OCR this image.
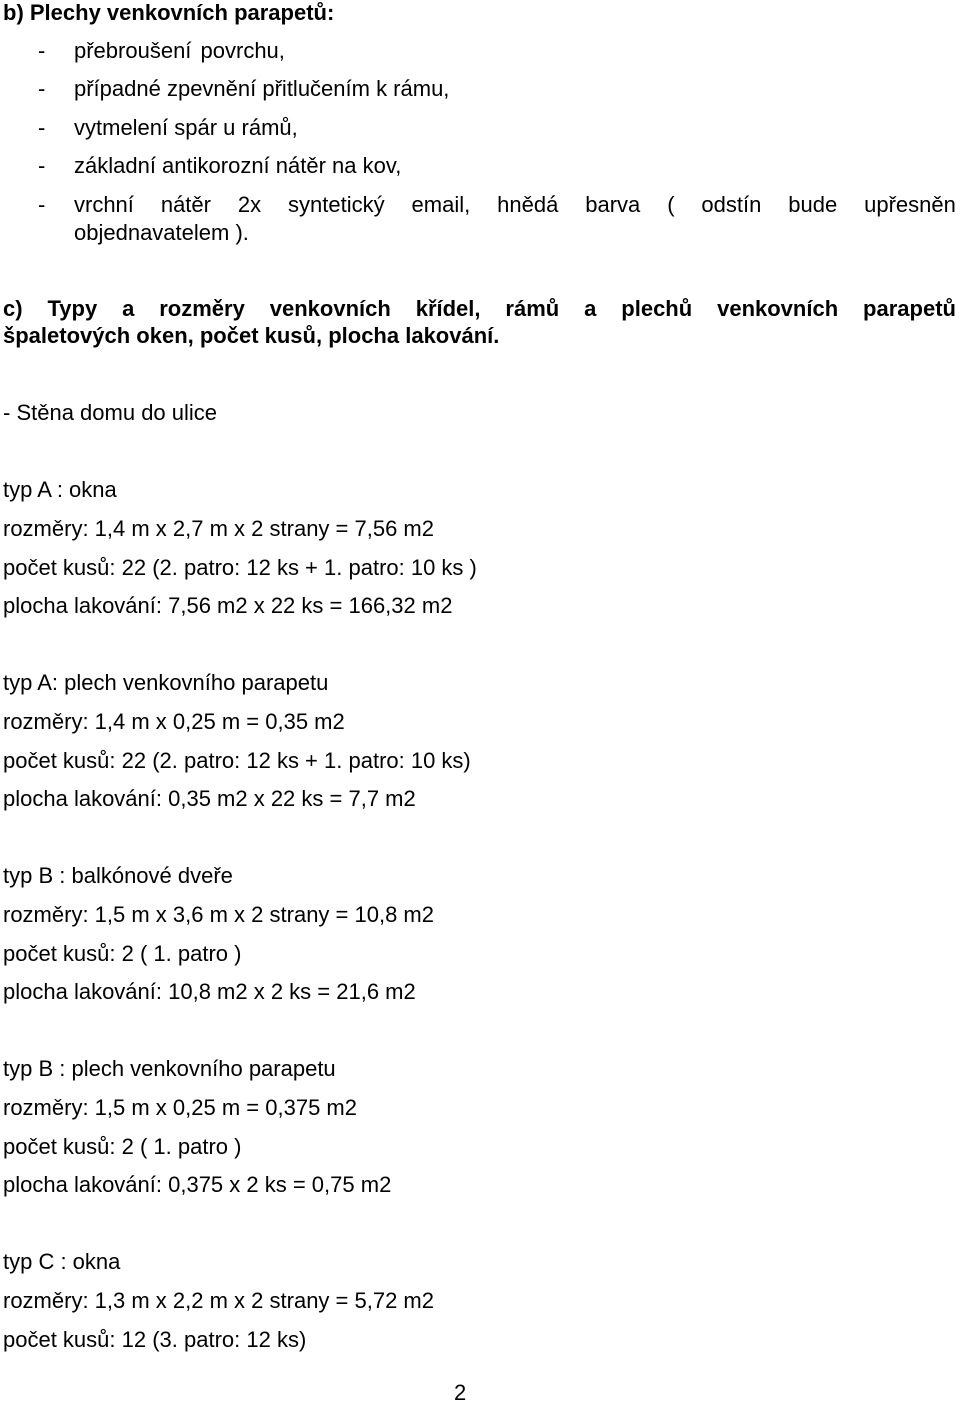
b) Plechy venkovních parapetů:
- přebroušení povrchu,
- případné zpevnění přitlučením k rámu,
- vytmelení spár u rámů,
- základní antikorozní nátěr na kov,
- vrchní nátěr 2x syntetický email, hnědá barva ( odstín bude upřesněn
objednavatelem ).
c) Typy a rozměry venkovních křídel, rámů a plechů venkovních parapetů
špaletových oken, počet kusů, plocha lakování.
- Stěna domu do ulice
typ A : okna
rozměry: 1,4 m x 2,7 m x 2 strany = 7,56 m2
počet kusů: 22 (2. patro: 12 ks + 1. patro: 10 ks )
plocha lakování: 7,56 m2 x 22 ks = 166,32 m2
typ A: plech venkovního parapetu
rozměry: 1,4 m x 0,25 m = 0,35 m2
počet kusů: 22 (2. patro: 12 ks + 1. patro: 10 ks)
plocha lakování: 0,35 m2 x 22 ks = 7,7 m2
typ B : balkónové dveře
rozměry: 1,5 m x 3,6 m x 2 strany = 10,8 m2
počet kusů: 2 ( 1. patro )
plocha lakování: 10,8 m2 x 2 ks = 21,6 m2
typ B : plech venkovního parapetu
rozměry: 1,5 m x 0,25 m = 0,375 m2
počet kusů: 2 ( 1. patro )
plocha lakování: 0,375 x 2 ks = 0,75 m2
typ C : okna
rozměry: 1,3 m x 2,2 m x 2 strany = 5,72 m2
počet kusů: 12 (3. patro: 12 ks)
2
